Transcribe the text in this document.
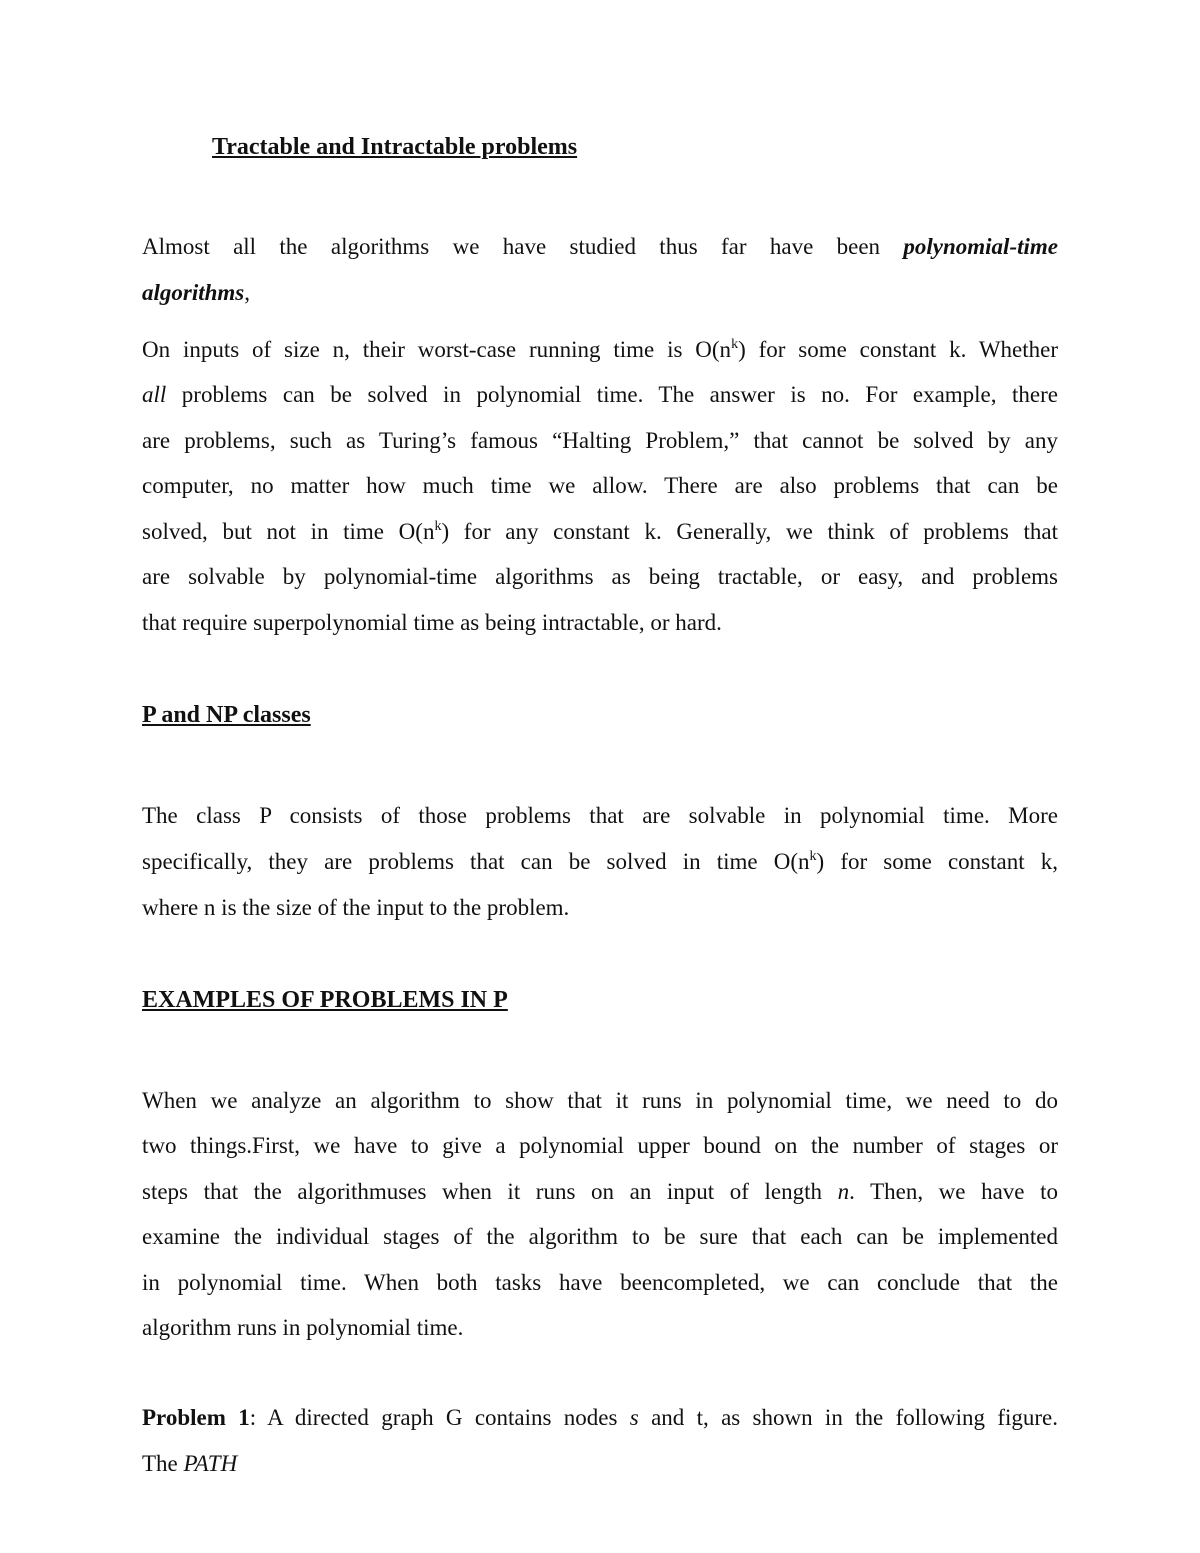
Tractable and Intractable problems
Almost all the algorithms we have studied thus far have been polynomial-time
algorithms,
On inputs of size n, their worst-case running time is $O(n^k)$ for some constant k. Whether
all problems can be solved in polynomial time. The answer is no. For example, there
are problems, such as Turing’s famous “Halting Problem,” that cannot be solved by any
computer, no matter how much time we allow. There are also problems that can be
solved, but not in time $O(n^k)$ for any constant k. Generally, we think of problems that
are solvable by polynomial-time algorithms as being tractable, or easy, and problems
that require superpolynomial time as being intractable, or hard.
P and NP classes
The class P consists of those problems that are solvable in polynomial time. More
specifically, they are problems that can be solved in time $O(n^k)$ for some constant k,
where n is the size of the input to the problem.
EXAMPLES OF PROBLEMS IN P
When we analyze an algorithm to show that it runs in polynomial time, we need to do
two things.First, we have to give a polynomial upper bound on the number of stages or
steps that the algorithmuses when it runs on an input of length n. Then, we have to
examine the individual stages of the algorithm to be sure that each can be implemented
in polynomial time. When both tasks have beencompleted, we can conclude that the
algorithm runs in polynomial time.
Problem 1: A directed graph G contains nodes s and t, as shown in the following figure.
The PATH
